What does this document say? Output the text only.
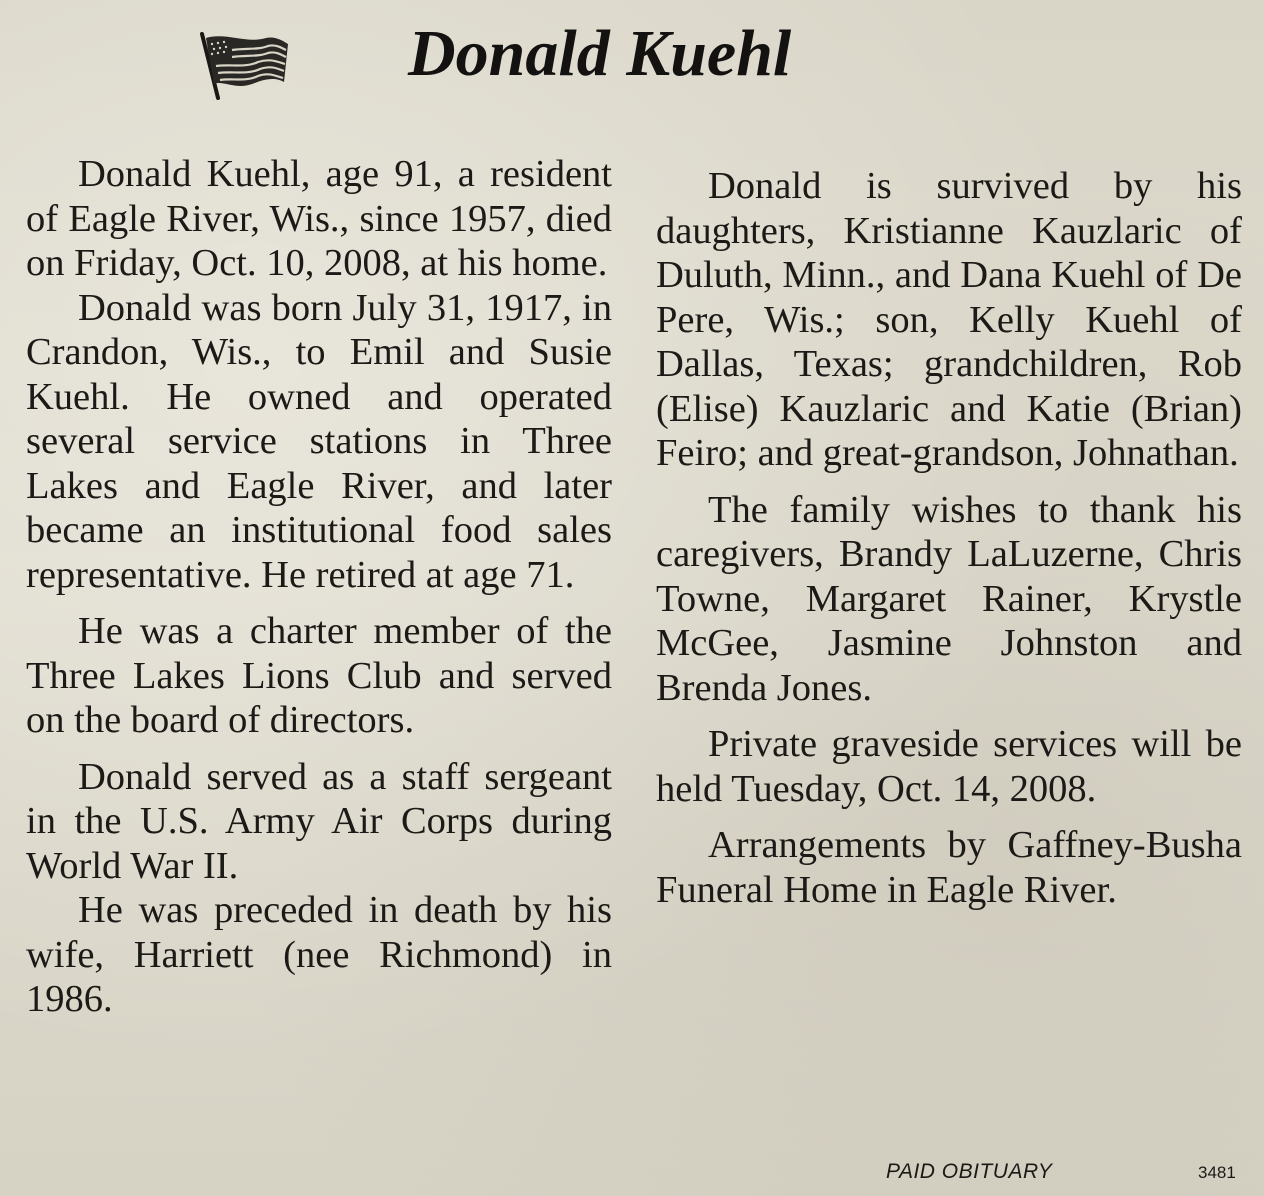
Donald Kuehl

Donald Kuehl, age 91, a resident of Eagle River, Wis., since 1957, died on Friday, Oct. 10, 2008, at his home.

Donald was born July 31, 1917, in Crandon, Wis., to Emil and Susie Kuehl. He owned and operated several service stations in Three Lakes and Eagle River, and later became an institutional food sales representative. He retired at age 71.

He was a charter member of the Three Lakes Lions Club and served on the board of directors.

Donald served as a staff sergeant in the U.S. Army Air Corps during World War II.

He was preceded in death by his wife, Harriett (nee Richmond) in 1986.

Donald is survived by his daughters, Kristianne Kauzlaric of Duluth, Minn., and Dana Kuehl of De Pere, Wis.; son, Kelly Kuehl of Dallas, Texas; grandchildren, Rob (Elise) Kauzlaric and Katie (Brian) Feiro; and great-grandson, Johnathan.

The family wishes to thank his caregivers, Brandy LaLuzerne, Chris Towne, Margaret Rainer, Krystle McGee, Jasmine Johnston and Brenda Jones.

Private graveside services will be held Tuesday, Oct. 14, 2008.

Arrangements by Gaffney-Busha Funeral Home in Eagle River.

PAID OBITUARY	3481
